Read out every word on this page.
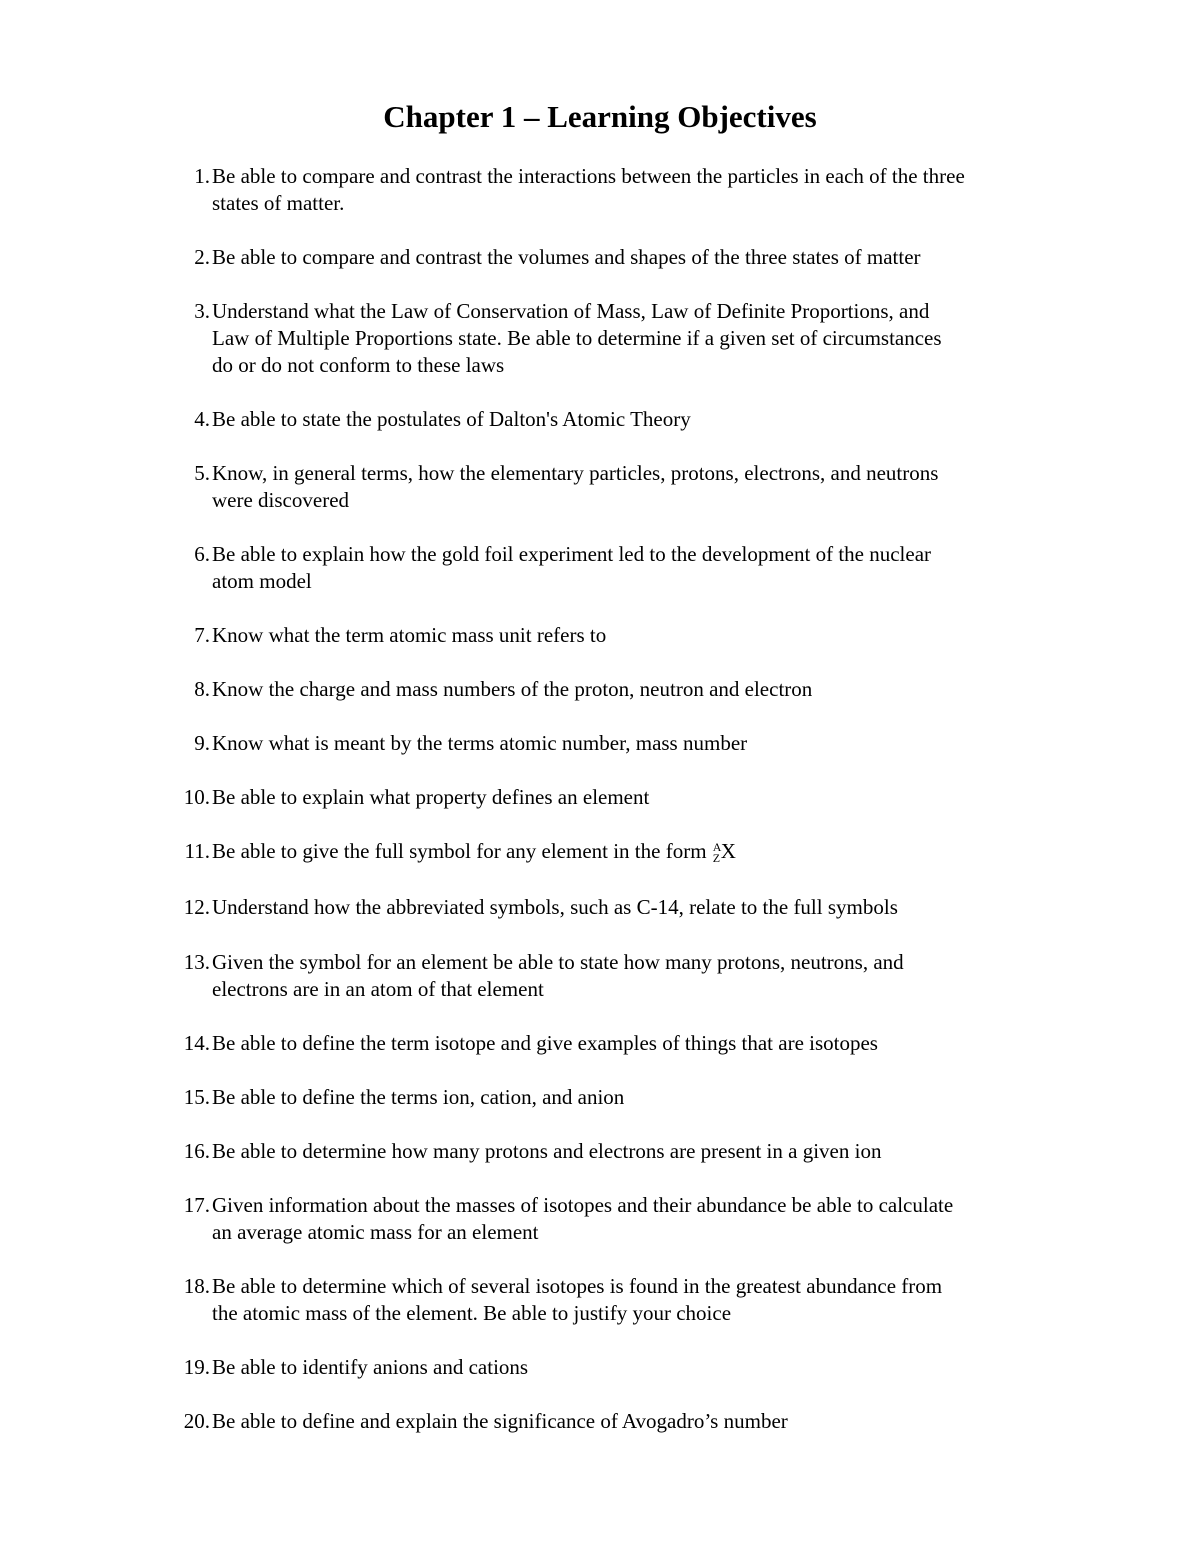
Chapter 1 – Learning Objectives
1. Be able to compare and contrast the interactions between the particles in each of the three
states of matter.
2. Be able to compare and contrast the volumes and shapes of the three states of matter
3. Understand what the Law of Conservation of Mass, Law of Definite Proportions, and
Law of Multiple Proportions state. Be able to determine if a given set of circumstances
do or do not conform to these laws
4. Be able to state the postulates of Dalton's Atomic Theory
5. Know, in general terms, how the elementary particles, protons, electrons, and neutrons
were discovered
6. Be able to explain how the gold foil experiment led to the development of the nuclear
atom model
7. Know what the term atomic mass unit refers to
8. Know the charge and mass numbers of the proton, neutron and electron
9. Know what is meant by the terms atomic number, mass number
10. Be able to explain what property defines an element
11. Be able to give the full symbol for any element in the form A
Z X
12. Understand how the abbreviated symbols, such as C-14, relate to the full symbols
13. Given the symbol for an element be able to state how many protons, neutrons, and
electrons are in an atom of that element
14. Be able to define the term isotope and give examples of things that are isotopes
15. Be able to define the terms ion, cation, and anion
16. Be able to determine how many protons and electrons are present in a given ion
17. Given information about the masses of isotopes and their abundance be able to calculate
an average atomic mass for an element
18. Be able to determine which of several isotopes is found in the greatest abundance from
the atomic mass of the element. Be able to justify your choice
19. Be able to identify anions and cations
20. Be able to define and explain the significance of Avogadro’s number
